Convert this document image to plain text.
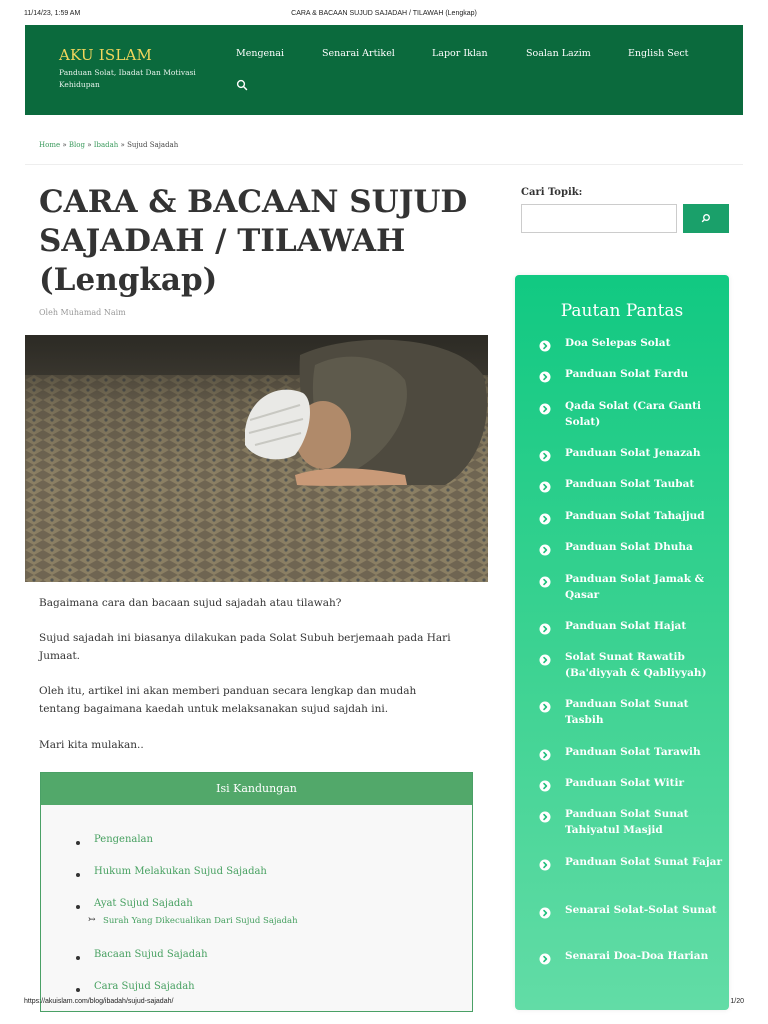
11/14/23, 1:59 AM	CARA & BACAAN SUJUD SAJADAH / TILAWAH (Lengkap)
AKU ISLAM
Panduan Solat, Ibadat Dan Motivasi Kehidupan
Mengenai	Senarai Artikel	Lapor Iklan	Soalan Lazim	English Sect
Home » Blog » Ibadah » Sujud Sajadah
CARA & BACAAN SUJUD SAJADAH / TILAWAH (Lengkap)
Oleh Muhamad Naim

Bagaimana cara dan bacaan sujud sajadah atau tilawah?

Sujud sajadah ini biasanya dilakukan pada Solat Subuh berjemaah pada Hari Jumaat.

Oleh itu, artikel ini akan memberi panduan secara lengkap dan mudah tentang bagaimana kaedah untuk melaksanakan sujud sajdah ini.

Mari kita mulakan..

Isi Kandungan
Pengenalan
Hukum Melakukan Sujud Sajadah
Ayat Sujud Sajadah
↣ Surah Yang Dikecualikan Dari Sujud Sajadah
Bacaan Sujud Sajadah
Cara Sujud Sajadah
Cari Topik:
Pautan Pantas
Doa Selepas Solat
Panduan Solat Fardu
Qada Solat (Cara Ganti Solat)
Panduan Solat Jenazah
Panduan Solat Taubat
Panduan Solat Tahajjud
Panduan Solat Dhuha
Panduan Solat Jamak & Qasar
Panduan Solat Hajat
Solat Sunat Rawatib (Ba'diyyah & Qabliyyah)
Panduan Solat Sunat Tasbih
Panduan Solat Tarawih
Panduan Solat Witir
Panduan Solat Sunat Tahiyatul Masjid
Panduan Solat Sunat Fajar
Senarai Solat-Solat Sunat
Senarai Doa-Doa Harian
https://akuislam.com/blog/ibadah/sujud-sajadah/	1/20
